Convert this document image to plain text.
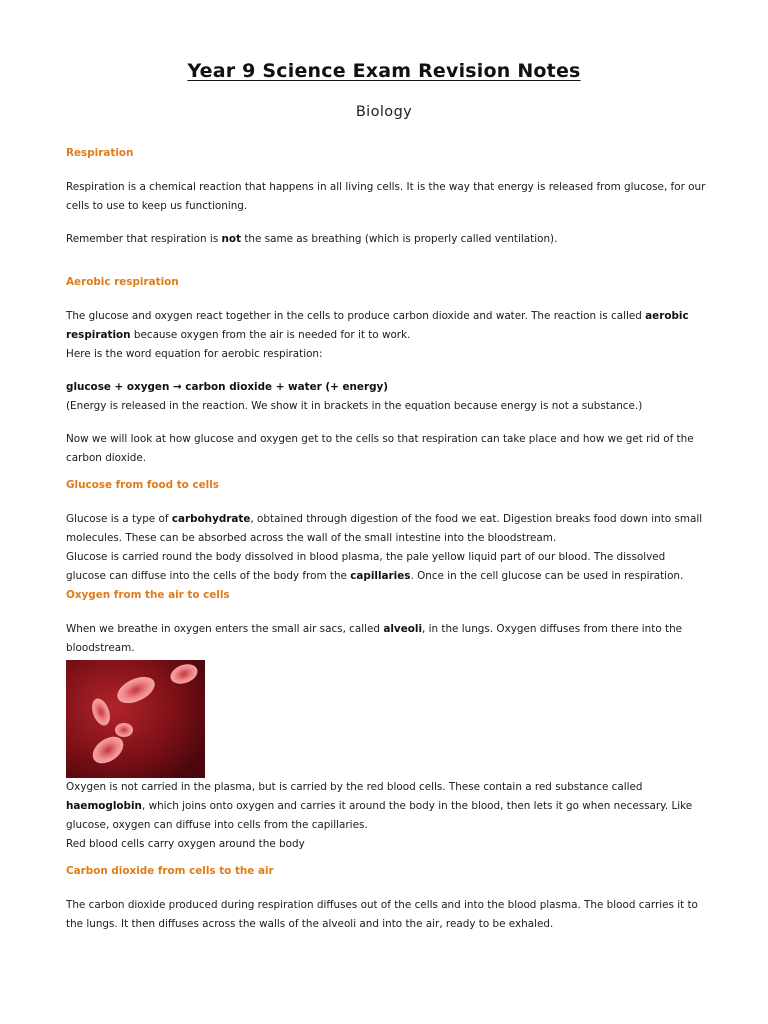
Year 9 Science Exam Revision Notes
Biology
Respiration

Respiration is a chemical reaction that happens in all living cells. It is the way that energy is released from glucose, for our cells to use to keep us functioning.

Remember that respiration is not the same as breathing (which is properly called ventilation).

Aerobic respiration

The glucose and oxygen react together in the cells to produce carbon dioxide and water. The reaction is called aerobic respiration because oxygen from the air is needed for it to work.

Here is the word equation for aerobic respiration:

glucose + oxygen → carbon dioxide + water (+ energy)

(Energy is released in the reaction. We show it in brackets in the equation because energy is not a substance.)

Now we will look at how glucose and oxygen get to the cells so that respiration can take place and how we get rid of the carbon dioxide.

Glucose from food to cells

Glucose is a type of carbohydrate, obtained through digestion of the food we eat. Digestion breaks food down into small molecules. These can be absorbed across the wall of the small intestine into the bloodstream.

Glucose is carried round the body dissolved in blood plasma, the pale yellow liquid part of our blood. The dissolved glucose can diffuse into the cells of the body from the capillaries. Once in the cell glucose can be used in respiration.

Oxygen from the air to cells

When we breathe in oxygen enters the small air sacs, called alveoli, in the lungs. Oxygen diffuses from there into the bloodstream.

Oxygen is not carried in the plasma, but is carried by the red blood cells. These contain a red substance called haemoglobin, which joins onto oxygen and carries it around the body in the blood, then lets it go when necessary. Like glucose, oxygen can diffuse into cells from the capillaries.

Red blood cells carry oxygen around the body

Carbon dioxide from cells to the air

The carbon dioxide produced during respiration diffuses out of the cells and into the blood plasma. The blood carries it to the lungs. It then diffuses across the walls of the alveoli and into the air, ready to be exhaled.
